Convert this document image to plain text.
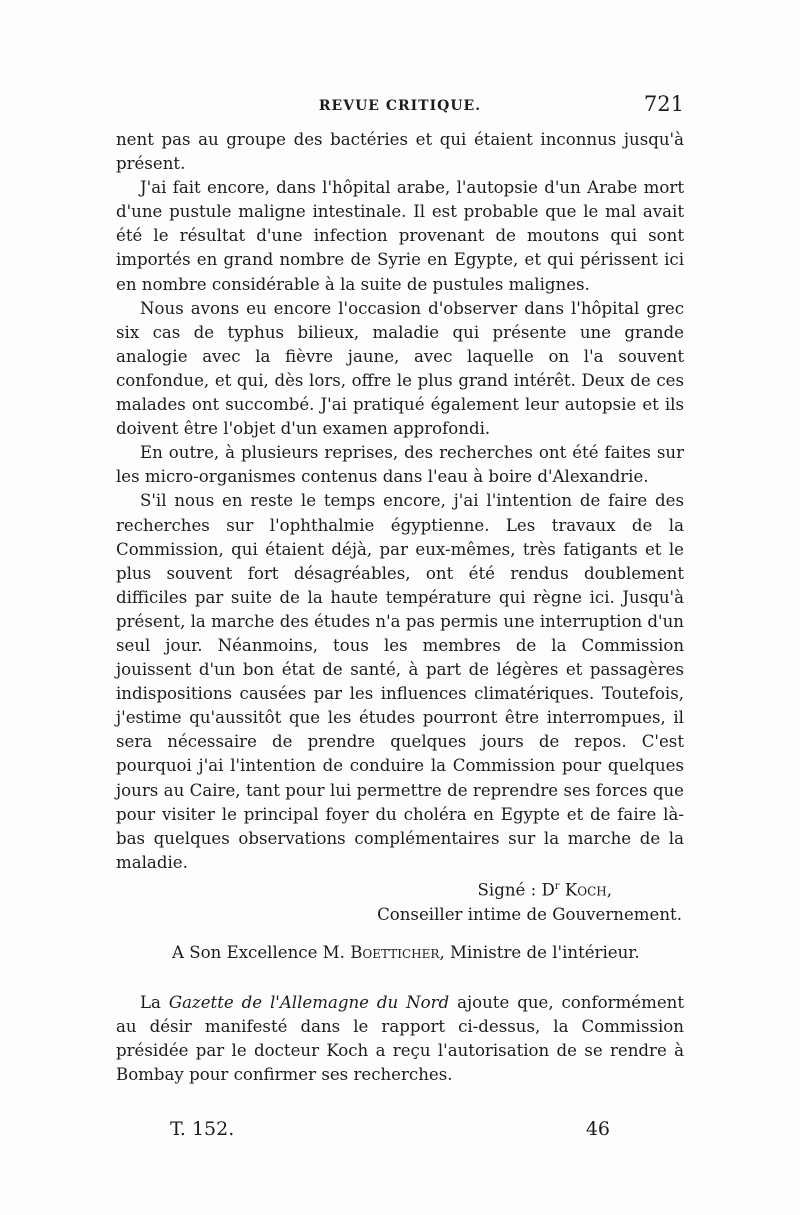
REVUE CRITIQUE.	721

nent pas au groupe des bactéries et qui étaient inconnus jusqu'à présent.

J'ai fait encore, dans l'hôpital arabe, l'autopsie d'un Arabe mort d'une pustule maligne intestinale. Il est probable que le mal avait été le résultat d'une infection provenant de moutons qui sont importés en grand nombre de Syrie en Egypte, et qui périssent ici en nombre considérable à la suite de pustules malignes.

Nous avons eu encore l'occasion d'observer dans l'hôpital grec six cas de typhus bilieux, maladie qui présente une grande analogie avec la fièvre jaune, avec laquelle on l'a souvent confondue, et qui, dès lors, offre le plus grand intérêt. Deux de ces malades ont succombé. J'ai pratiqué également leur autopsie et ils doivent être l'objet d'un examen approfondi.

En outre, à plusieurs reprises, des recherches ont été faites sur les micro-organismes contenus dans l'eau à boire d'Alexandrie.

S'il nous en reste le temps encore, j'ai l'intention de faire des recherches sur l'ophthalmie égyptienne. Les travaux de la Commission, qui étaient déjà, par eux-mêmes, très fatigants et le plus souvent fort désagréables, ont été rendus doublement difficiles par suite de la haute température qui règne ici. Jusqu'à présent, la marche des études n'a pas permis une interruption d'un seul jour. Néanmoins, tous les membres de la Commission jouissent d'un bon état de santé, à part de légères et passagères indispositions causées par les influences climatériques. Toutefois, j'estime qu'aussitôt que les études pourront être interrompues, il sera nécessaire de prendre quelques jours de repos. C'est pourquoi j'ai l'intention de conduire la Commission pour quelques jours au Caire, tant pour lui permettre de reprendre ses forces que pour visiter le principal foyer du choléra en Egypte et de faire là-bas quelques observations complémentaires sur la marche de la maladie.

Signé : $D^r$ Koch,

Conseiller intime de Gouvernement.

A Son Excellence M. Boetticher, Ministre de l'intérieur.

La Gazette de l'Allemagne du Nord ajoute que, conformément au désir manifesté dans le rapport ci-dessus, la Commission présidée par le docteur Koch a reçu l'autorisation de se rendre à Bombay pour confirmer ses recherches.

T. 152.	46
